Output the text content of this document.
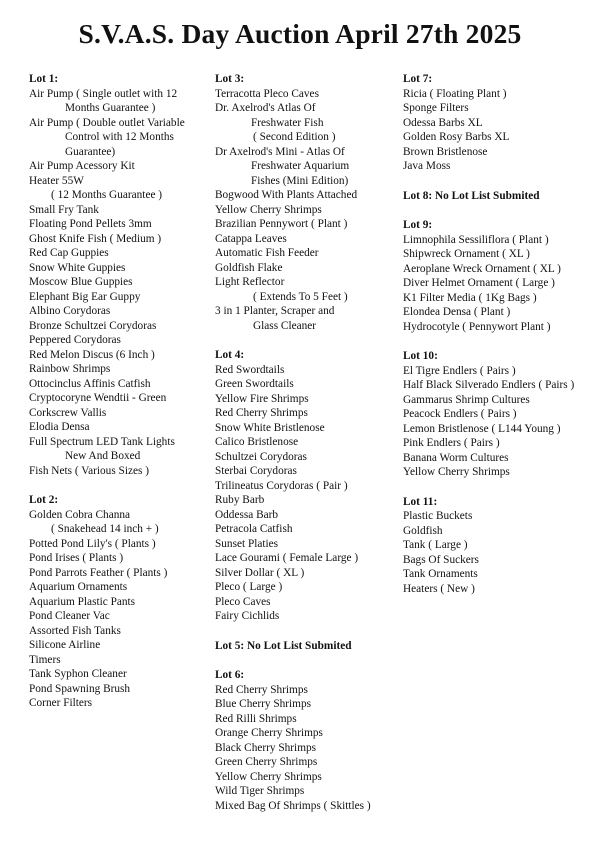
S.V.A.S. Day Auction April 27th 2025
Lot 1:
Air Pump ( Single outlet with 12
Months Guarantee )
Air Pump ( Double outlet Variable
Control with 12 Months
Guarantee)
Air Pump Acessory Kit
Heater 55W
( 12 Months Guarantee )
Small Fry Tank
Floating Pond Pellets 3mm
Ghost Knife Fish ( Medium )
Red Cap Guppies
Snow White Guppies
Moscow Blue Guppies
Elephant Big Ear Guppy
Albino Corydoras
Bronze Schultzei Corydoras
Peppered Corydoras
Red Melon Discus (6 Inch )
Rainbow Shrimps
Ottocinclus Affinis Catfish
Cryptocoryne Wendtii - Green
Corkscrew Vallis
Elodia Densa
Full Spectrum LED Tank Lights
New And Boxed
Fish Nets ( Various Sizes )
Lot 2:
Golden Cobra Channa
( Snakehead 14 inch + )
Potted Pond Lily's ( Plants )
Pond Irises ( Plants )
Pond Parrots Feather ( Plants )
Aquarium Ornaments
Aquarium Plastic Pants
Pond Cleaner Vac
Assorted Fish Tanks
Silicone Airline
Timers
Tank Syphon Cleaner
Pond Spawning Brush
Corner Filters
Lot 3:
Terracotta Pleco Caves
Dr. Axelrod's Atlas Of
Freshwater Fish
( Second Edition )
Dr Axelrod's Mini - Atlas Of
Freshwater Aquarium
Fishes (Mini Edition)
Bogwood With Plants Attached
Yellow Cherry Shrimps
Brazilian Pennywort ( Plant )
Catappa Leaves
Automatic Fish Feeder
Goldfish Flake
Light Reflector
( Extends To 5 Feet )
3 in 1 Planter, Scraper and
Glass Cleaner
Lot 4:
Red Swordtails
Green Swordtails
Yellow Fire Shrimps
Red Cherry Shrimps
Snow White Bristlenose
Calico Bristlenose
Schultzei Corydoras
Sterbai Corydoras
Trilineatus Corydoras ( Pair )
Ruby Barb
Oddessa Barb
Petracola Catfish
Sunset Platies
Lace Gourami ( Female Large )
Silver Dollar ( XL )
Pleco ( Large )
Pleco Caves
Fairy Cichlids
Lot 5: No Lot List Submited
Lot 6:
Red Cherry Shrimps
Blue Cherry Shrimps
Red Rilli Shrimps
Orange Cherry Shrimps
Black Cherry Shrimps
Green Cherry Shrimps
Yellow Cherry Shrimps
Wild Tiger Shrimps
Mixed Bag Of Shrimps ( Skittles )
Lot 7:
Ricia ( Floating Plant )
Sponge Filters
Odessa Barbs XL
Golden Rosy Barbs XL
Brown Bristlenose
Java Moss
Lot 8: No Lot List Submited
Lot 9:
Limnophila Sessiliflora ( Plant )
Shipwreck Ornament ( XL )
Aeroplane Wreck Ornament ( XL )
Diver Helmet Ornament ( Large )
K1 Filter Media ( 1Kg Bags )
Elondea Densa ( Plant )
Hydrocotyle ( Pennywort Plant )
Lot 10:
El Tigre Endlers ( Pairs )
Half Black Silverado Endlers ( Pairs )
Gammarus Shrimp Cultures
Peacock Endlers ( Pairs )
Lemon Bristlenose ( L144 Young )
Pink Endlers ( Pairs )
Banana Worm Cultures
Yellow Cherry Shrimps
Lot 11:
Plastic Buckets
Goldfish
Tank ( Large )
Bags Of Suckers
Tank Ornaments
Heaters ( New )
